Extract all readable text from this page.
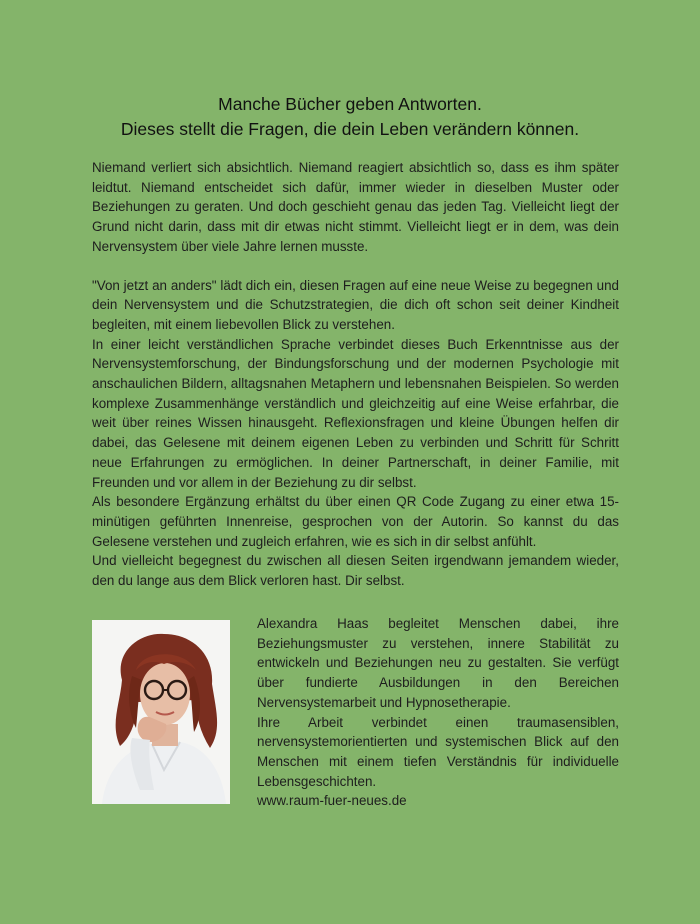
Manche Bücher geben Antworten.
Dieses stellt die Fragen, die dein Leben verändern können.

Niemand verliert sich absichtlich. Niemand reagiert absichtlich so, dass es ihm später leidtut. Niemand entscheidet sich dafür, immer wieder in dieselben Muster oder Beziehungen zu geraten. Und doch geschieht genau das jeden Tag. Vielleicht liegt der Grund nicht darin, dass mit dir etwas nicht stimmt. Vielleicht liegt er in dem, was dein Nervensystem über viele Jahre lernen musste.

"Von jetzt an anders" lädt dich ein, diesen Fragen auf eine neue Weise zu begegnen und dein Nervensystem und die Schutzstrategien, die dich oft schon seit deiner Kindheit begleiten, mit einem liebevollen Blick zu verstehen.

In einer leicht verständlichen Sprache verbindet dieses Buch Erkenntnisse aus der Nervensystemforschung, der Bindungsforschung und der modernen Psychologie mit anschaulichen Bildern, alltagsnahen Metaphern und lebensnahen Beispielen. So werden komplexe Zusammenhänge verständlich und gleichzeitig auf eine Weise erfahrbar, die weit über reines Wissen hinausgeht. Reflexionsfragen und kleine Übungen helfen dir dabei, das Gelesene mit deinem eigenen Leben zu verbinden und Schritt für Schritt neue Erfahrungen zu ermöglichen. In deiner Partnerschaft, in deiner Familie, mit Freunden und vor allem in der Beziehung zu dir selbst.

Als besondere Ergänzung erhältst du über einen QR Code Zugang zu einer etwa 15-minütigen geführten Innenreise, gesprochen von der Autorin. So kannst du das Gelesene verstehen und zugleich erfahren, wie es sich in dir selbst anfühlt.

Und vielleicht begegnest du zwischen all diesen Seiten irgendwann jemandem wieder, den du lange aus dem Blick verloren hast. Dir selbst.

Alexandra Haas begleitet Menschen dabei, ihre Beziehungsmuster zu verstehen, innere Stabilität zu entwickeln und Beziehungen neu zu gestalten. Sie verfügt über fundierte Ausbildungen in den Bereichen Nervensystemarbeit und Hypnosetherapie.

Ihre Arbeit verbindet einen traumasensiblen, nervensystemorientierten und systemischen Blick auf den Menschen mit einem tiefen Verständnis für individuelle Lebensgeschichten.

www.raum-fuer-neues.de
